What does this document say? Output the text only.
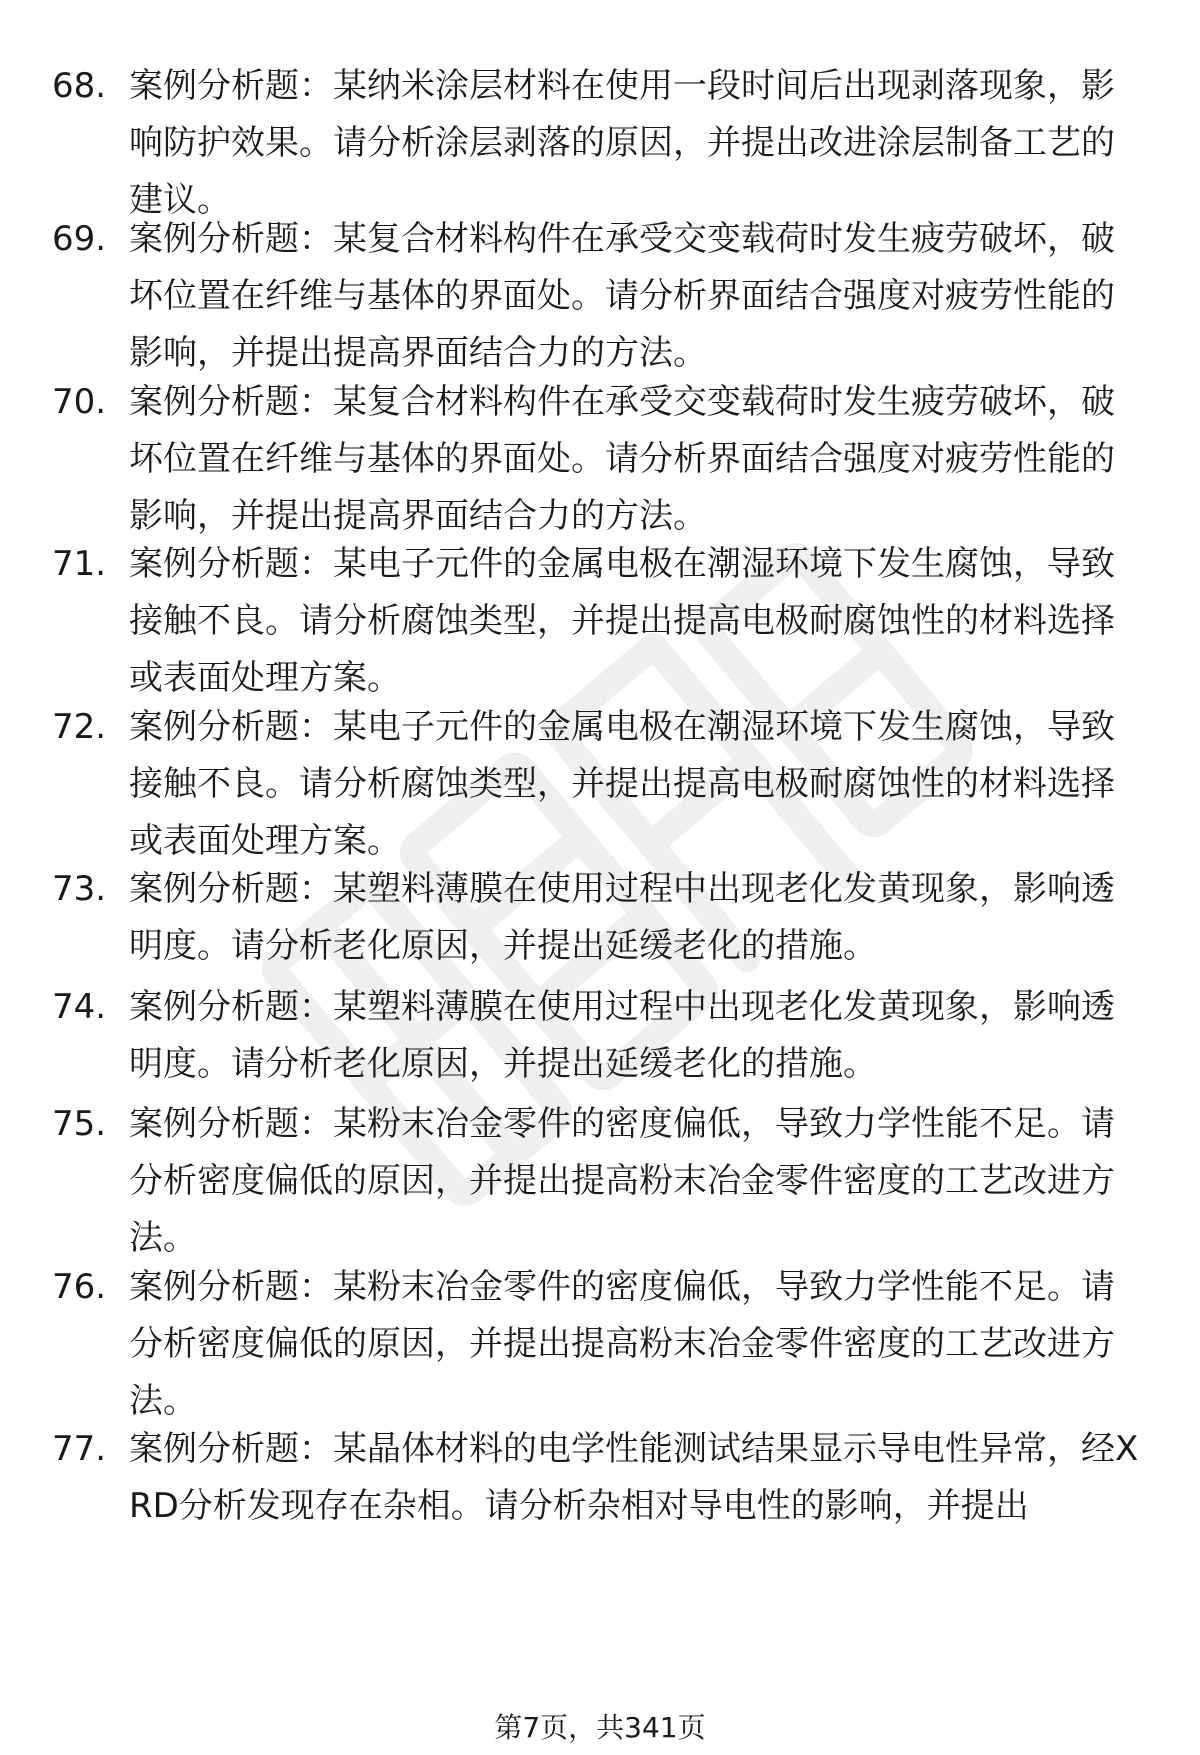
68. 案例分析题：某纳米涂层材料在使用一段时间后出现剥落现象，影响防护效果。请分析涂层剥落的原因，并提出改进涂层制备工艺的建议。
69. 案例分析题：某复合材料构件在承受交变载荷时发生疲劳破坏，破坏位置在纤维与基体的界面处。请分析界面结合强度对疲劳性能的影响，并提出提高界面结合力的方法。
70. 案例分析题：某复合材料构件在承受交变载荷时发生疲劳破坏，破坏位置在纤维与基体的界面处。请分析界面结合强度对疲劳性能的影响，并提出提高界面结合力的方法。
71. 案例分析题：某电子元件的金属电极在潮湿环境下发生腐蚀，导致接触不良。请分析腐蚀类型，并提出提高电极耐腐蚀性的材料选择或表面处理方案。
72. 案例分析题：某电子元件的金属电极在潮湿环境下发生腐蚀，导致接触不良。请分析腐蚀类型，并提出提高电极耐腐蚀性的材料选择或表面处理方案。
73. 案例分析题：某塑料薄膜在使用过程中出现老化发黄现象，影响透明度。请分析老化原因，并提出延缓老化的措施。
74. 案例分析题：某塑料薄膜在使用过程中出现老化发黄现象，影响透明度。请分析老化原因，并提出延缓老化的措施。
75. 案例分析题：某粉末冶金零件的密度偏低，导致力学性能不足。请分析密度偏低的原因，并提出提高粉末冶金零件密度的工艺改进方法。
76. 案例分析题：某粉末冶金零件的密度偏低，导致力学性能不足。请分析密度偏低的原因，并提出提高粉末冶金零件密度的工艺改进方法。
77. 案例分析题：某晶体材料的电学性能测试结果显示导电性异常，经XRD分析发现存在杂相。请分析杂相对导电性的影响，并提出
第7页，共341页
